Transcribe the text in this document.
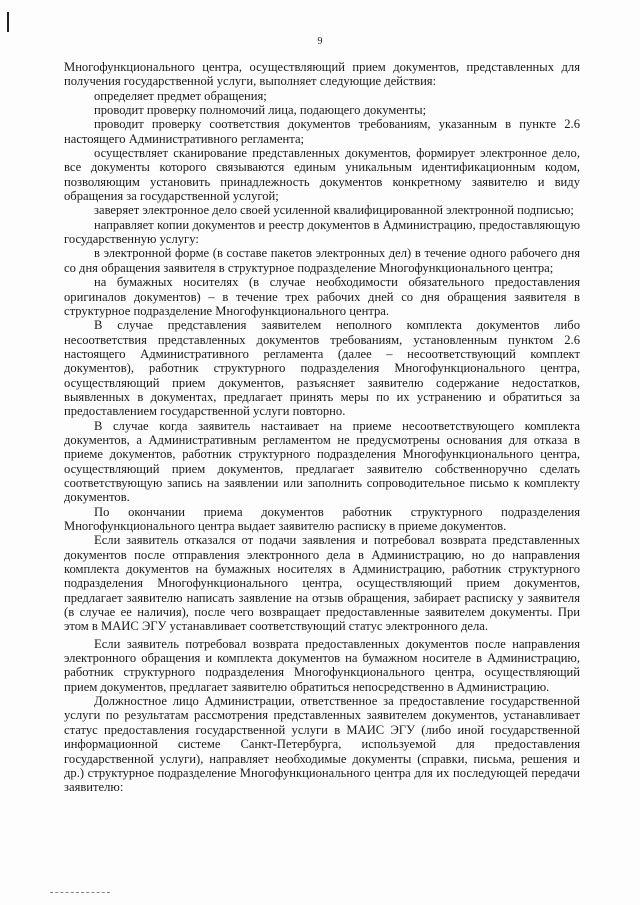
9

Многофункционального центра, осуществляющий прием документов, представленных для получения государственной услуги, выполняет следующие действия:

определяет предмет обращения;

проводит проверку полномочий лица, подающего документы;

проводит проверку соответствия документов требованиям, указанным в пункте 2.6 настоящего Административного регламента;

осуществляет сканирование представленных документов, формирует электронное дело, все документы которого связываются единым уникальным идентификационным кодом, позволяющим установить принадлежность документов конкретному заявителю и виду обращения за государственной услугой;

заверяет электронное дело своей усиленной квалифицированной электронной подписью;

направляет копии документов и реестр документов в Администрацию, предоставляющую государственную услугу:

в электронной форме (в составе пакетов электронных дел) в течение одного рабочего дня со дня обращения заявителя в структурное подразделение Многофункционального центра;

на бумажных носителях (в случае необходимости обязательного предоставления оригиналов документов) – в течение трех рабочих дней со дня обращения заявителя в структурное подразделение Многофункционального центра.

В случае представления заявителем неполного комплекта документов либо несоответствия представленных документов требованиям, установленным пунктом 2.6 настоящего Административного регламента (далее – несоответствующий комплект документов), работник структурного подразделения Многофункционального центра, осуществляющий прием документов, разъясняет заявителю содержание недостатков, выявленных в документах, предлагает принять меры по их устранению и обратиться за предоставлением государственной услуги повторно.

В случае когда заявитель настаивает на приеме несоответствующего комплекта документов, а Административным регламентом не предусмотрены основания для отказа в приеме документов, работник структурного подразделения Многофункционального центра, осуществляющий прием документов, предлагает заявителю собственноручно сделать соответствующую запись на заявлении или заполнить сопроводительное письмо к комплекту документов.

По окончании приема документов работник структурного подразделения Многофункционального центра выдает заявителю расписку в приеме документов.

Если заявитель отказался от подачи заявления и потребовал возврата представленных документов после отправления электронного дела в Администрацию, но до направления комплекта документов на бумажных носителях в Администрацию, работник структурного подразделения Многофункционального центра, осуществляющий прием документов, предлагает заявителю написать заявление на отзыв обращения, забирает расписку у заявителя (в случае ее наличия), после чего возвращает предоставленные заявителем документы. При этом в МАИС ЭГУ устанавливает соответствующий статус электронного дела.

Если заявитель потребовал возврата предоставленных документов после направления электронного обращения и комплекта документов на бумажном носителе в Администрацию, работник структурного подразделения Многофункционального центра, осуществляющий прием документов, предлагает заявителю обратиться непосредственно в Администрацию.

Должностное лицо Администрации, ответственное за предоставление государственной услуги по результатам рассмотрения представленных заявителем документов, устанавливает статус предоставления государственной услуги в МАИС ЭГУ (либо иной государственной информационной системе Санкт-Петербурга, используемой для предоставления государственной услуги), направляет необходимые документы (справки, письма, решения и др.) структурное подразделение Многофункционального центра для их последующей передачи заявителю:
